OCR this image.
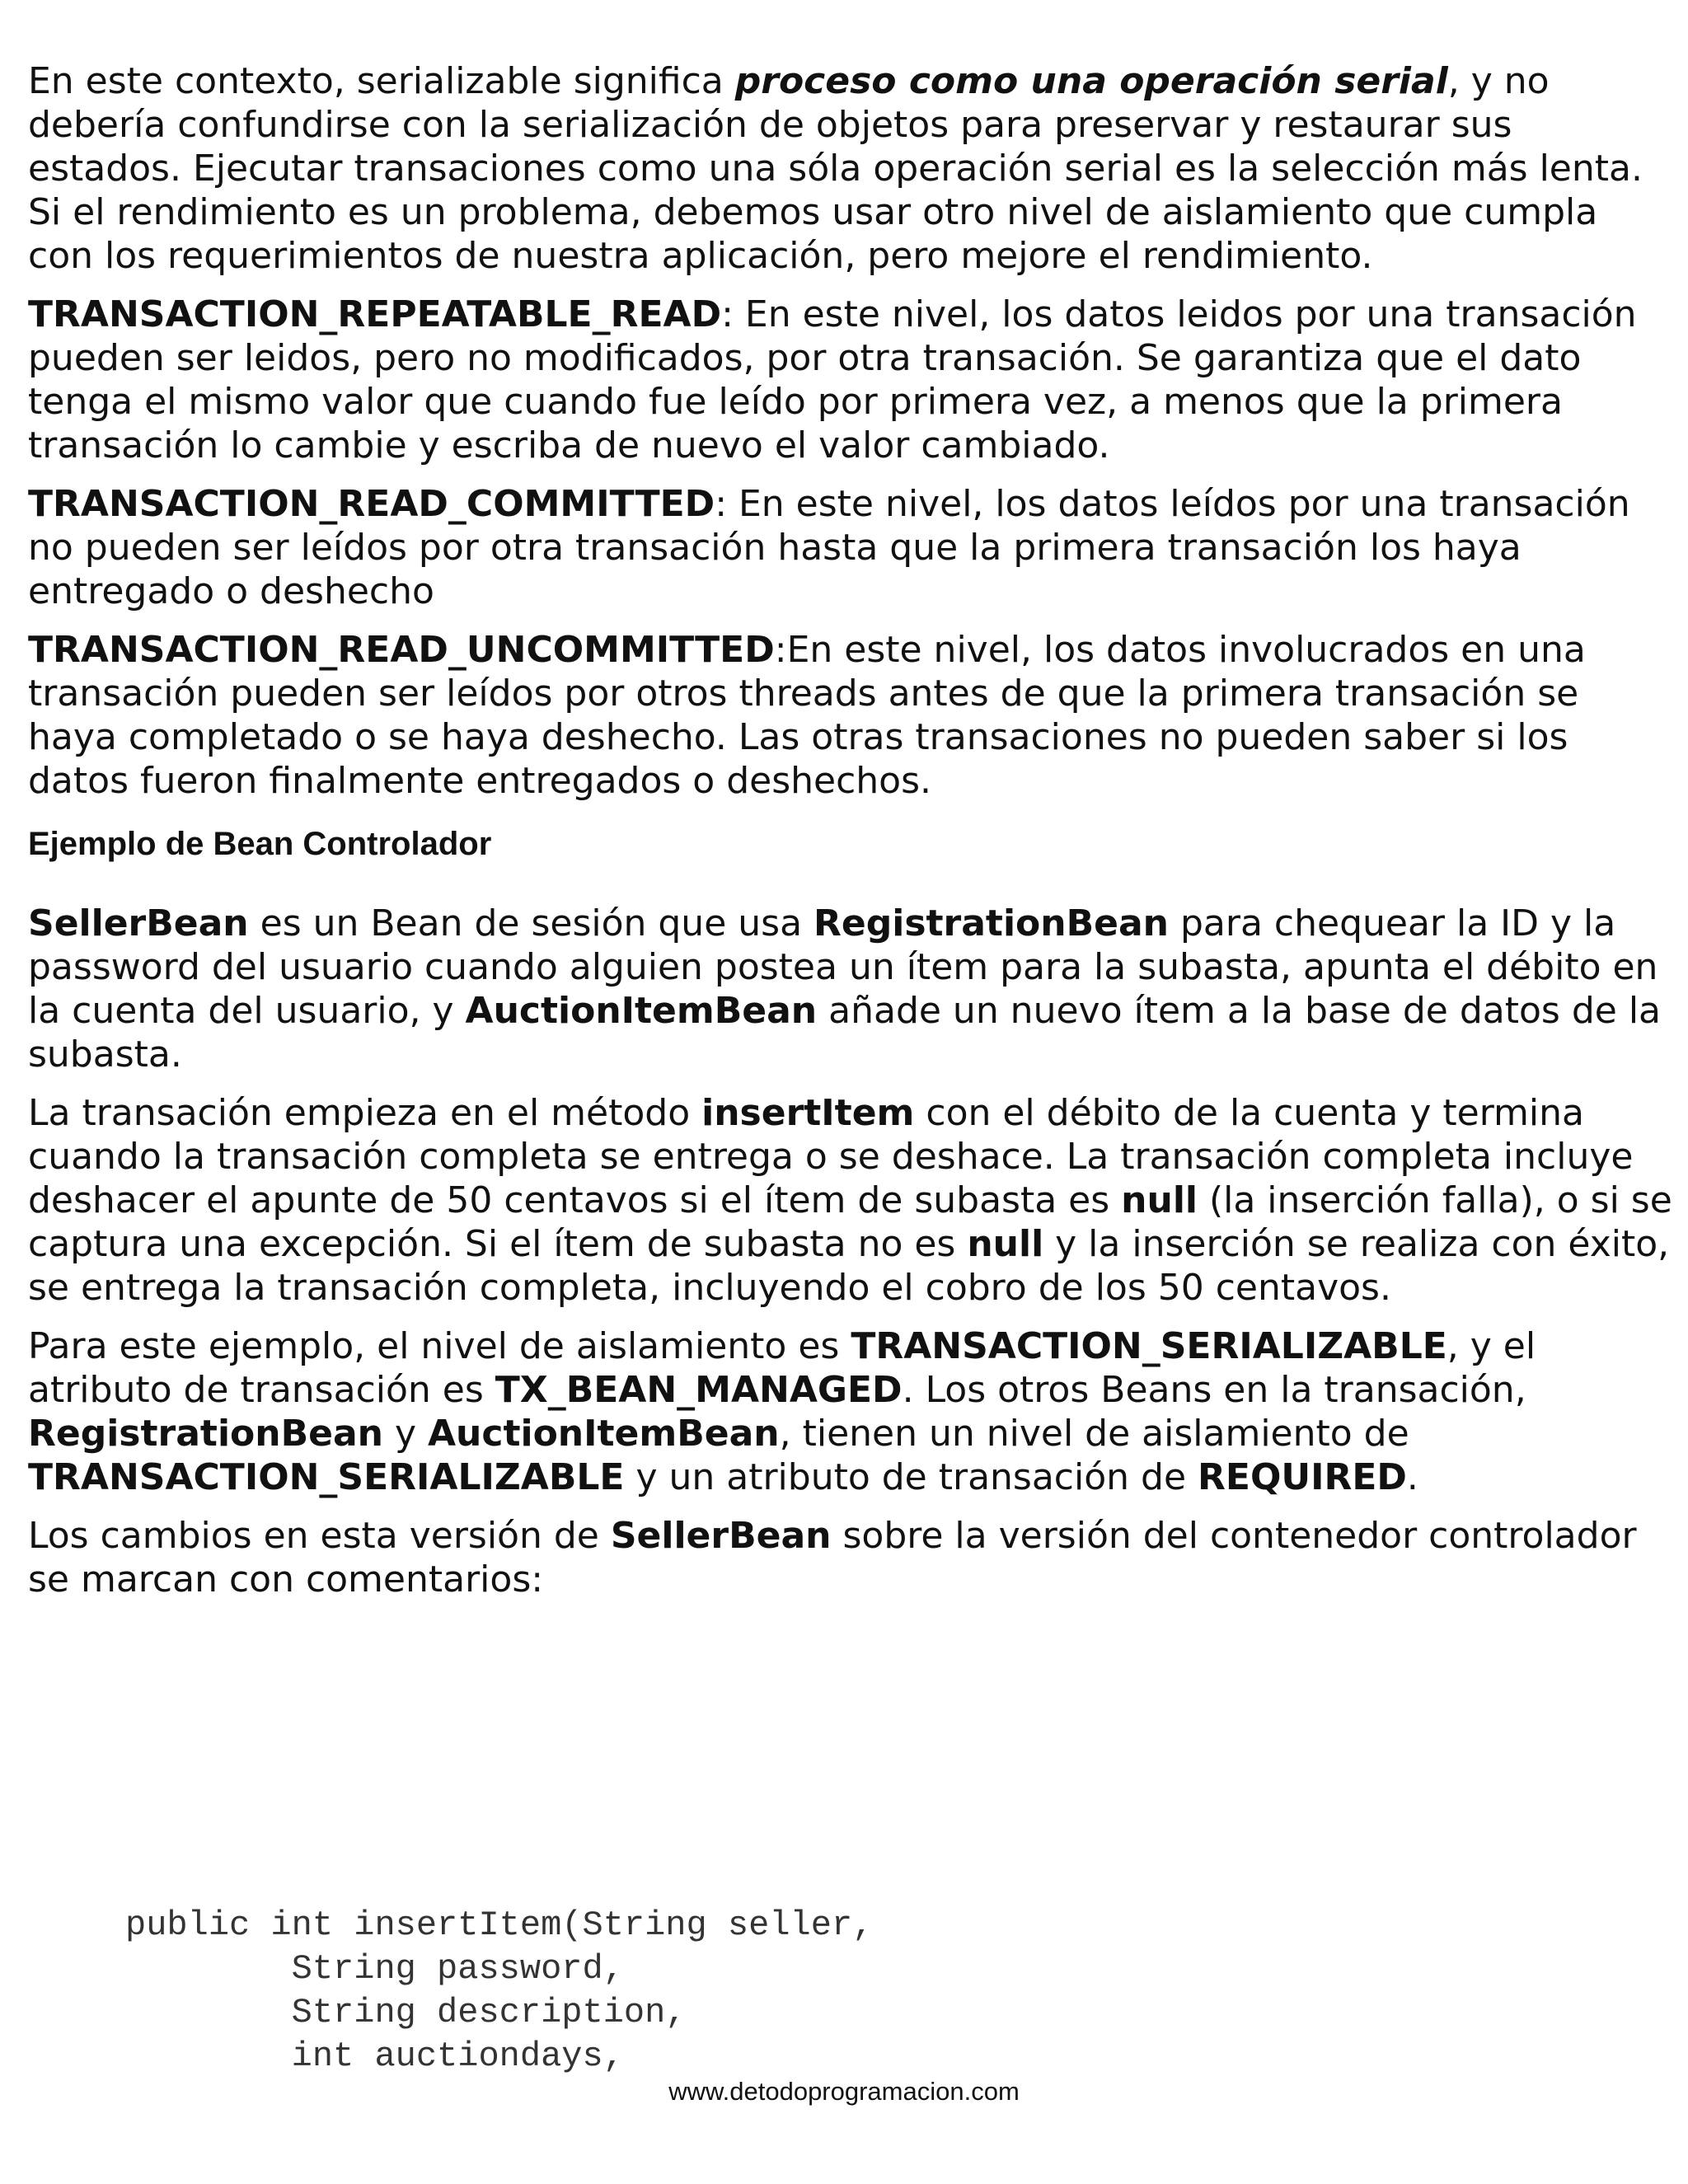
En este contexto, serializable significa proceso como una operación serial, y no debería confundirse con la serialización de objetos para preservar y restaurar sus estados. Ejecutar transaciones como una sóla operación serial es la selección más lenta. Si el rendimiento es un problema, debemos usar otro nivel de aislamiento que cumpla con los requerimientos de nuestra aplicación, pero mejore el rendimiento.

TRANSACTION_REPEATABLE_READ: En este nivel, los datos leidos por una transación pueden ser leidos, pero no modificados, por otra transación. Se garantiza que el dato tenga el mismo valor que cuando fue leído por primera vez, a menos que la primera transación lo cambie y escriba de nuevo el valor cambiado.

TRANSACTION_READ_COMMITTED: En este nivel, los datos leídos por una transación no pueden ser leídos por otra transación hasta que la primera transación los haya entregado o deshecho

TRANSACTION_READ_UNCOMMITTED:En este nivel, los datos involucrados en una transación pueden ser leídos por otros threads antes de que la primera transación se haya completado o se haya deshecho. Las otras transaciones no pueden saber si los datos fueron finalmente entregados o deshechos.

Ejemplo de Bean Controlador

SellerBean es un Bean de sesión que usa RegistrationBean para chequear la ID y la password del usuario cuando alguien postea un ítem para la subasta, apunta el débito en la cuenta del usuario, y AuctionItemBean añade un nuevo ítem a la base de datos de la subasta.

La transación empieza en el método insertItem con el débito de la cuenta y termina cuando la transación completa se entrega o se deshace. La transación completa incluye deshacer el apunte de 50 centavos si el ítem de subasta es null (la inserción falla), o si se captura una excepción. Si el ítem de subasta no es null y la inserción se realiza con éxito, se entrega la transación completa, incluyendo el cobro de los 50 centavos.

Para este ejemplo, el nivel de aislamiento es TRANSACTION_SERIALIZABLE, y el atributo de transación es TX_BEAN_MANAGED. Los otros Beans en la transación, RegistrationBean y AuctionItemBean, tienen un nivel de aislamiento de TRANSACTION_SERIALIZABLE y un atributo de transación de REQUIRED.

Los cambios en esta versión de SellerBean sobre la versión del contenedor controlador se marcan con comentarios:

public int insertItem(String seller,
String password,
String description,
int auctiondays,
www.detodoprogramacion.com
